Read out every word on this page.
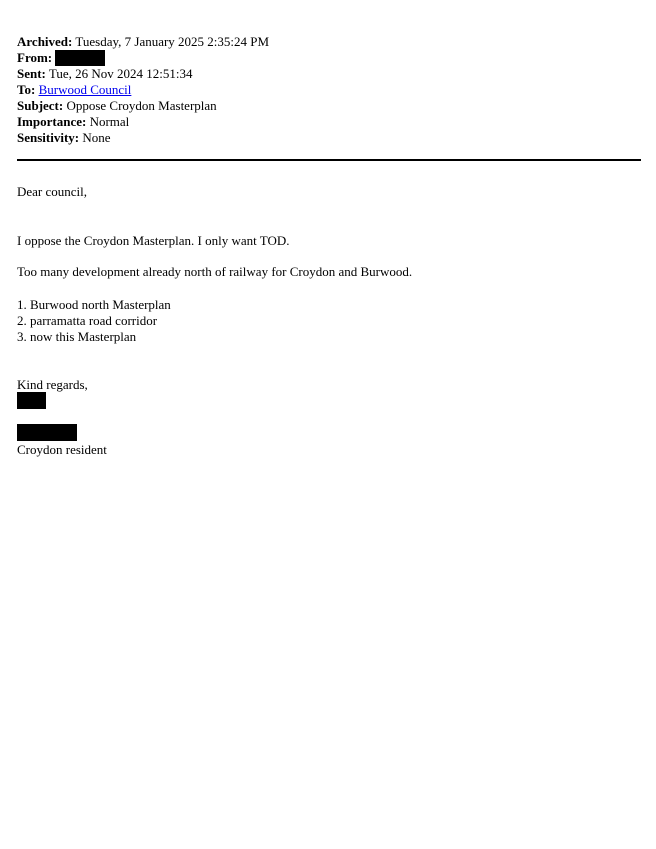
Archived: Tuesday, 7 January 2025 2:35:24 PM
From:
Sent: Tue, 26 Nov 2024 12:51:34
To: Burwood Council
Subject: Oppose Croydon Masterplan
Importance: Normal
Sensitivity: None
Dear council,
I oppose the Croydon Masterplan. I only want TOD.
Too many development already north of railway for Croydon and Burwood.
1. Burwood north Masterplan
2. parramatta road corridor
3. now this Masterplan
Kind regards,
Croydon resident
